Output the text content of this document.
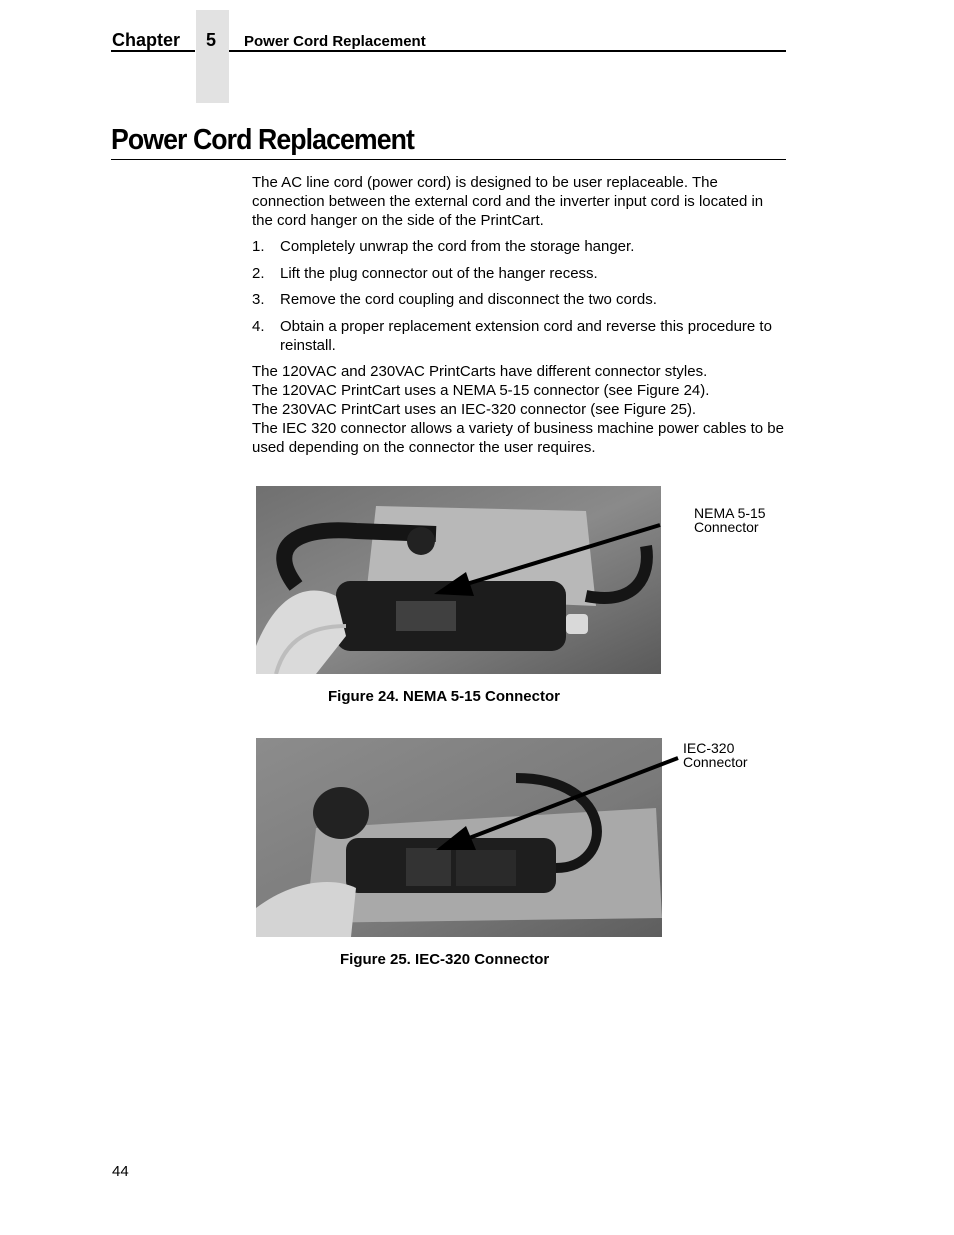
Chapter	5	Power Cord Replacement
Power Cord Replacement
The AC line cord (power cord) is designed to be user replaceable. The connection between the external cord and the inverter input cord is located in the cord hanger on the side of the PrintCart.
1. Completely unwrap the cord from the storage hanger.
2. Lift the plug connector out of the hanger recess.
3. Remove the cord coupling and disconnect the two cords.
4. Obtain a proper replacement extension cord and reverse this procedure to reinstall.
The 120VAC and 230VAC PrintCarts have different connector styles.
The 120VAC PrintCart uses a NEMA 5-15 connector (see Figure 24).
The 230VAC PrintCart uses an IEC-320 connector (see Figure 25).
The IEC 320 connector allows a variety of business machine power cables to be used depending on the connector the user requires.
NEMA 5-15
Connector
Figure 24. NEMA 5-15 Connector
IEC-320
Connector
Figure 25. IEC-320 Connector
44
